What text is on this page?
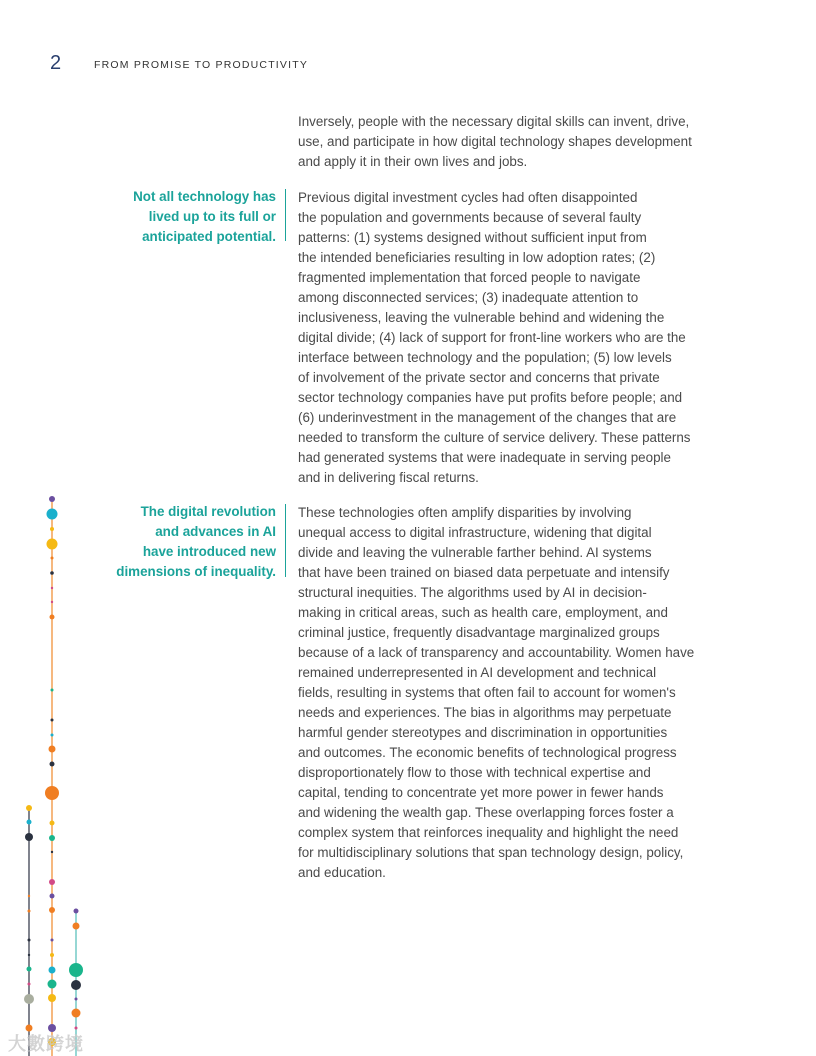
2	FROM PROMISE TO PRODUCTIVITY
Inversely, people with the necessary digital skills can invent, drive,
use, and participate in how digital technology shapes development
and apply it in their own lives and jobs.
Not all technology has
lived up to its full or
anticipated potential.
Previous digital investment cycles had often disappointed
the population and governments because of several faulty
patterns: (1) systems designed without sufficient input from
the intended beneficiaries resulting in low adoption rates; (2)
fragmented implementation that forced people to navigate
among disconnected services; (3) inadequate attention to
inclusiveness, leaving the vulnerable behind and widening the
digital divide; (4) lack of support for front-line workers who are the
interface between technology and the population; (5) low levels
of involvement of the private sector and concerns that private
sector technology companies have put profits before people; and
(6) underinvestment in the management of the changes that are
needed to transform the culture of service delivery. These patterns
had generated systems that were inadequate in serving people
and in delivering fiscal returns.
The digital revolution
and advances in AI
have introduced new
dimensions of inequality.
These technologies often amplify disparities by involving
unequal access to digital infrastructure, widening that digital
divide and leaving the vulnerable farther behind. AI systems
that have been trained on biased data perpetuate and intensify
structural inequities. The algorithms used by AI in decision-
making in critical areas, such as health care, employment, and
criminal justice, frequently disadvantage marginalized groups
because of a lack of transparency and accountability. Women have
remained underrepresented in AI development and technical
fields, resulting in systems that often fail to account for women's
needs and experiences. The bias in algorithms may perpetuate
harmful gender stereotypes and discrimination in opportunities
and outcomes. The economic benefits of technological progress
disproportionately flow to those with technical expertise and
capital, tending to concentrate yet more power in fewer hands
and widening the wealth gap. These overlapping forces foster a
complex system that reinforces inequality and highlight the need
for multidisciplinary solutions that span technology design, policy,
and education.
大數跨境
